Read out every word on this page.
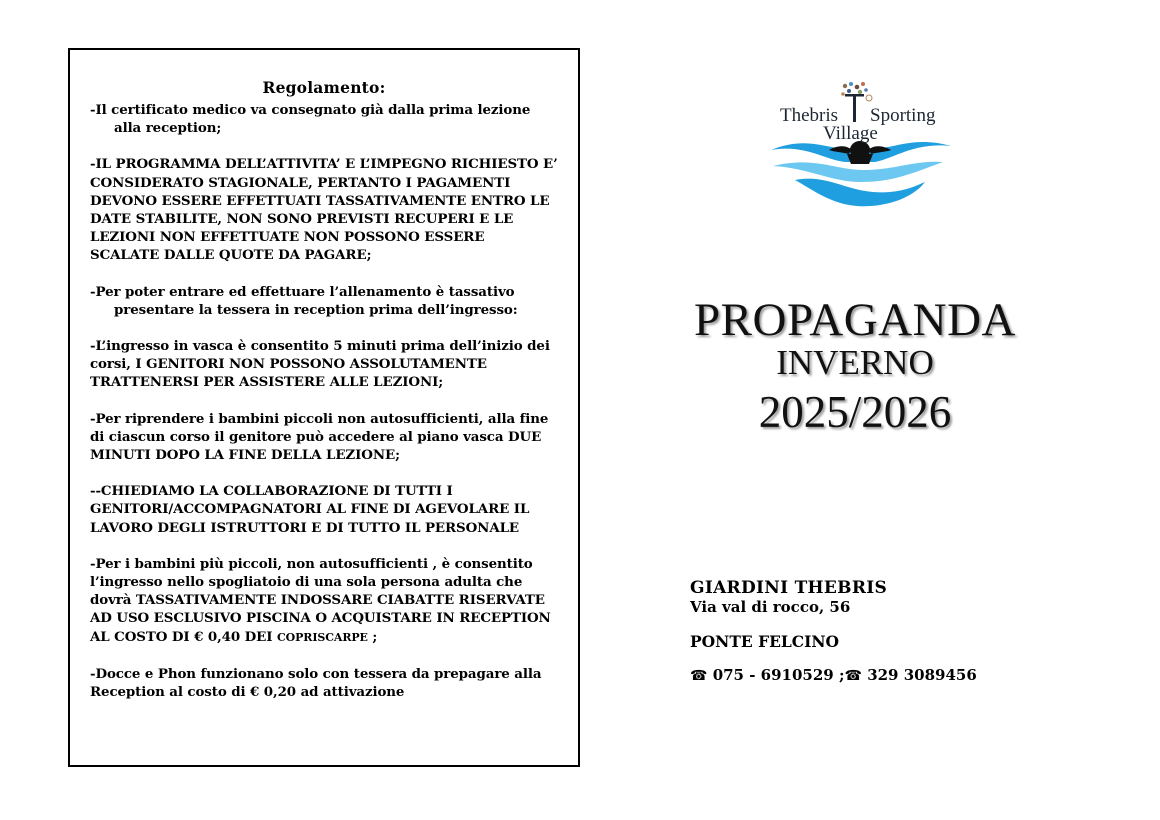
Regolamento:

-Il certificato medico va consegnato già dalla prima lezione alla reception;

-IL PROGRAMMA DELL’ATTIVITA’ E L’IMPEGNO RICHIESTO E’ CONSIDERATO STAGIONALE, PERTANTO I PAGAMENTI DEVONO ESSERE EFFETTUATI TASSATIVAMENTE ENTRO LE DATE STABILITE, NON SONO PREVISTI RECUPERI E LE LEZIONI NON EFFETTUATE NON POSSONO ESSERE SCALATE DALLE QUOTE DA PAGARE;

-Per poter entrare ed effettuare l’allenamento è tassativo presentare la tessera in reception prima dell’ingresso:

-L’ingresso in vasca è consentito 5 minuti prima dell’inizio dei corsi, I GENITORI NON POSSONO ASSOLUTAMENTE TRATTENERSI PER ASSISTERE ALLE LEZIONI;

-Per riprendere i bambini piccoli non autosufficienti, alla fine di ciascun corso il genitore può accedere al piano vasca DUE MINUTI DOPO LA FINE DELLA LEZIONE;

--CHIEDIAMO LA COLLABORAZIONE DI TUTTI I GENITORI/ACCOMPAGNATORI AL FINE DI AGEVOLARE IL LAVORO DEGLI ISTRUTTORI E DI TUTTO IL PERSONALE

-Per i bambini più piccoli, non autosufficienti , è consentito l’ingresso nello spogliatoio di una sola persona adulta che dovrà TASSATIVAMENTE INDOSSARE CIABATTE RISERVATE AD USO ESCLUSIVO PISCINA O ACQUISTARE IN RECEPTION AL COSTO DI € 0,40 DEI COPRISCARPE ;

-Docce e Phon funzionano solo con tessera da prepagare alla Reception al costo di € 0,20 ad attivazione

Thebris Sporting
Village
PROPAGANDA
INVERNO
2025/2026
GIARDINI THEBRIS
Via val di rocco, 56
PONTE FELCINO
☎ 075 - 6910529 ;☎ 329 3089456
